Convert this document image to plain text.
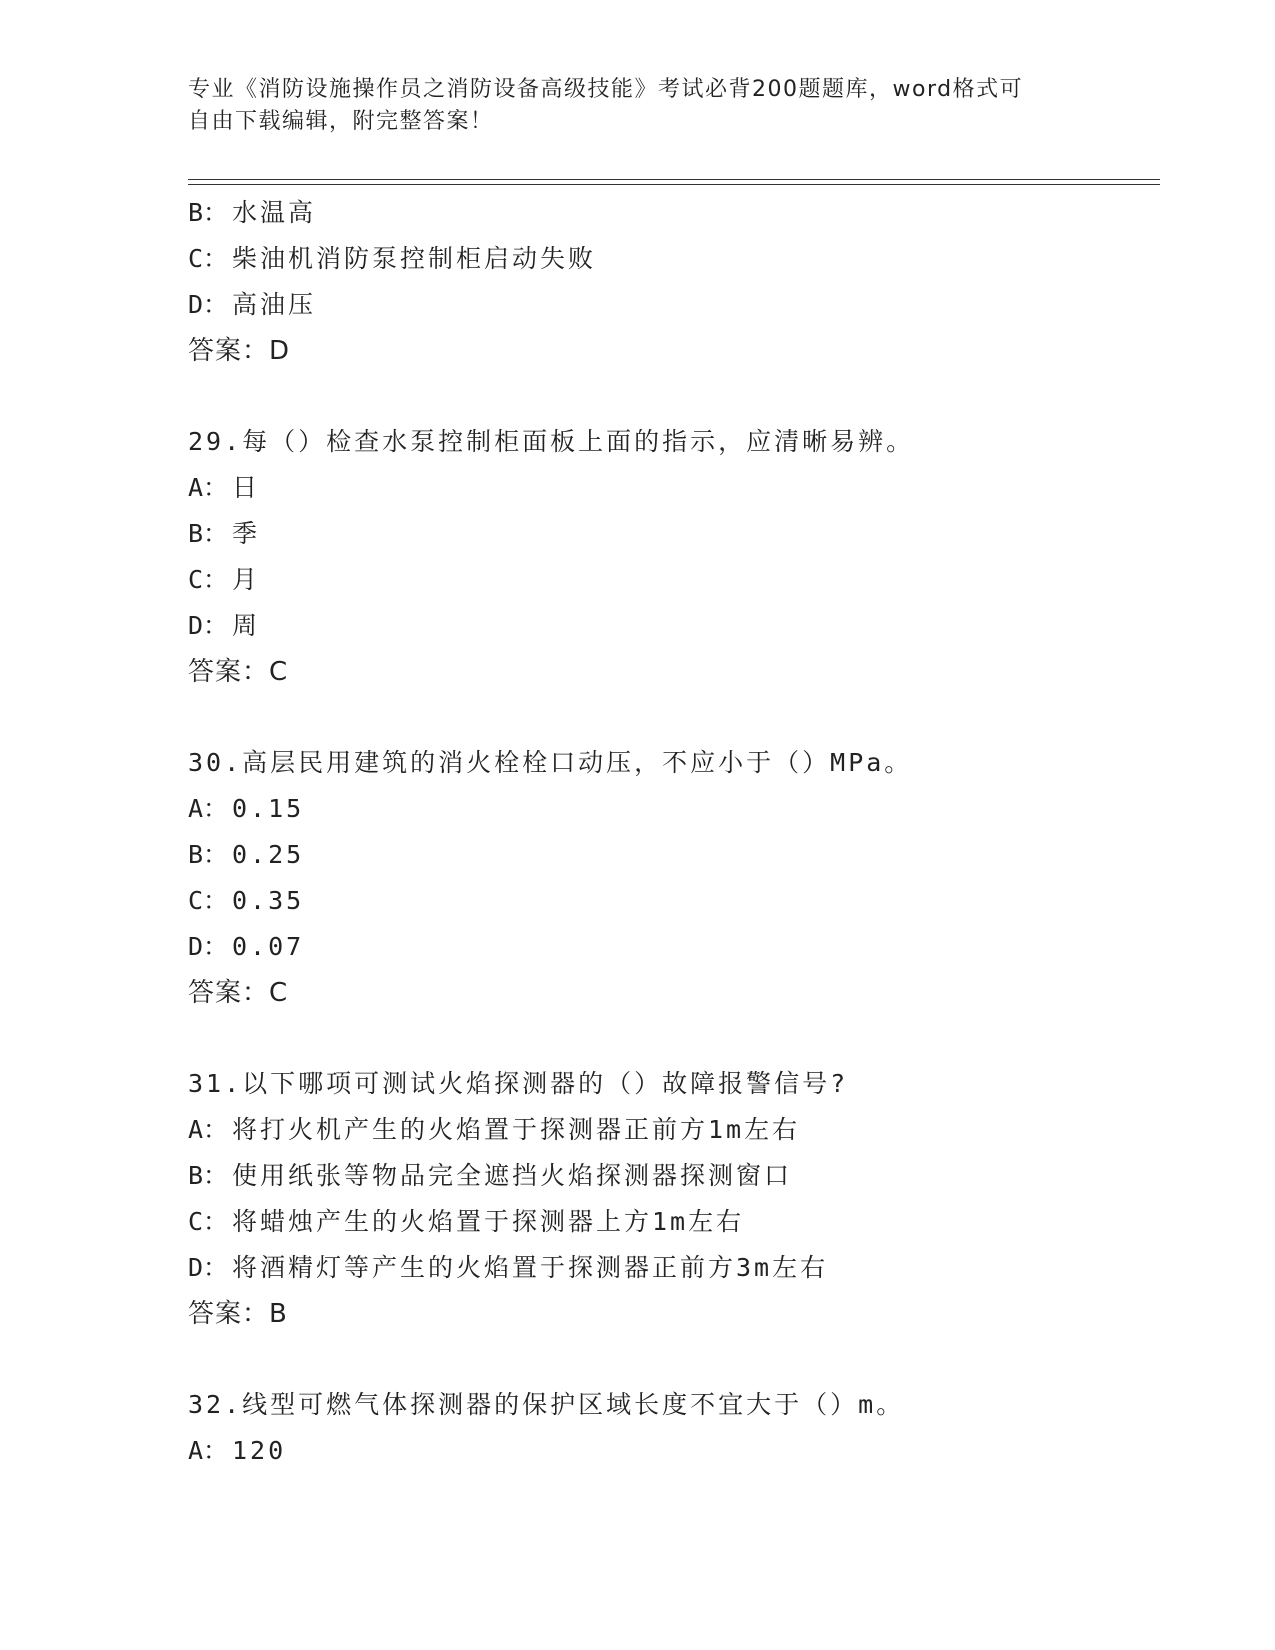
专业《消防设施操作员之消防设备高级技能》考试必背200题题库，word格式可
自由下载编辑，附完整答案！
B： 水温高
C： 柴油机消防泵控制柜启动失败
D： 高油压
答案：D
29.每（）检查水泵控制柜面板上面的指示，应清晰易辨。
A： 日
B： 季
C： 月
D： 周
答案：C
30.高层民用建筑的消火栓栓口动压，不应小于（）MPa。
A： 0.15
B： 0.25
C： 0.35
D： 0.07
答案：C
31.以下哪项可测试火焰探测器的（）故障报警信号?
A： 将打火机产生的火焰置于探测器正前方1m左右
B： 使用纸张等物品完全遮挡火焰探测器探测窗口
C： 将蜡烛产生的火焰置于探测器上方1m左右
D： 将酒精灯等产生的火焰置于探测器正前方3m左右
答案：B
32.线型可燃气体探测器的保护区域长度不宜大于（）m。
A： 120
